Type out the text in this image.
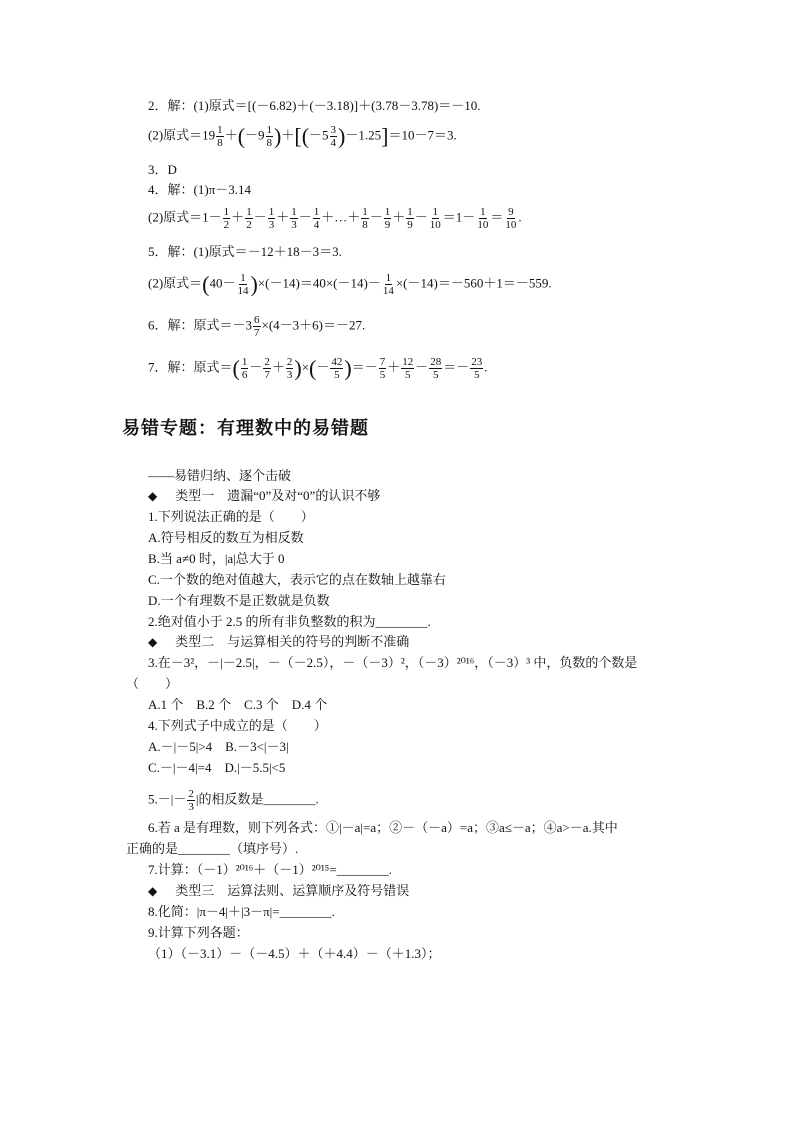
2．解：(1)原式＝[(－6.82)＋(－3.18)]＋(3.78－3.78)＝－10.
(2)原式$=19 \frac{1}{8} +(-9 \frac{1}{8} )+[(-5 \frac{3}{4} )-1.25]=10-7=3$.
3．D
4．解：(1)π－3.14
(2)原式$=1- \frac{1}{2} + \frac{1}{2} - \frac{1}{3} + \frac{1}{3} - \frac{1}{4}$ ＋…＋ $\frac{1}{8} - \frac{1}{9} + \frac{1}{9} - \frac{1}{10} =1- \frac{1}{10} = \frac{9}{10}$ .
5．解：(1)原式＝－12＋18－3＝3.
(2)原式$=(40- \frac{1}{14} )\times(-14)=40\times(-14)- \frac{1}{14} \times(-14)=-560+1=-559$.
6．解：原式$=-3 \frac{6}{7} \times(4-3+6)=-27$.
7．解：原式＝( $\frac{1}{6} - \frac{2}{7} + \frac{2}{3}$ )×(－ $\frac{42}{5}$ )＝－ $\frac{7}{5} + \frac{12}{5} - \frac{28}{5} =- \frac{23}{5}$ .
易错专题：有理数中的易错题
——易错归纳、逐个击破
◆ 类型一　遗漏“0”及对“0”的认识不够
1.下列说法正确的是（　　）
A.符号相反的数互为相反数
B.当 a≠0 时，|a|总大于 0
C.一个数的绝对值越大，表示它的点在数轴上越靠右
D.一个有理数不是正数就是负数
2.绝对值小于 2.5 的所有非负整数的积为________.
◆ 类型二　与运算相关的符号的判断不准确
3.在－3²，－|－2.5|，－（－2.5），－（－3）²，（－3）²⁰¹⁶，（－3）³ 中，负数的个数是
（　　）
A.1 个　B.2 个　C.3 个　D.4 个
4.下列式子中成立的是（　　）
A.－|－5|>4　B.－3<|－3|
C.－|－4|=4　D.|－5.5|<5
$5.-|- \frac{2}{3}$ |的相反数是________.
6.若 a 是有理数，则下列各式：①|－a|=a；②－（－a）=a；③a≤－a；④a>－a.其中
正确的是________（填序号）.
7.计算：（－1）²⁰¹⁶＋（－1）²⁰¹⁵=________.
◆ 类型三　运算法则、运算顺序及符号错误
8.化简：|π－4|＋|3－π|=________.
9.计算下列各题：
（1）（－3.1）－（－4.5）＋（＋4.4）－（＋1.3）；
